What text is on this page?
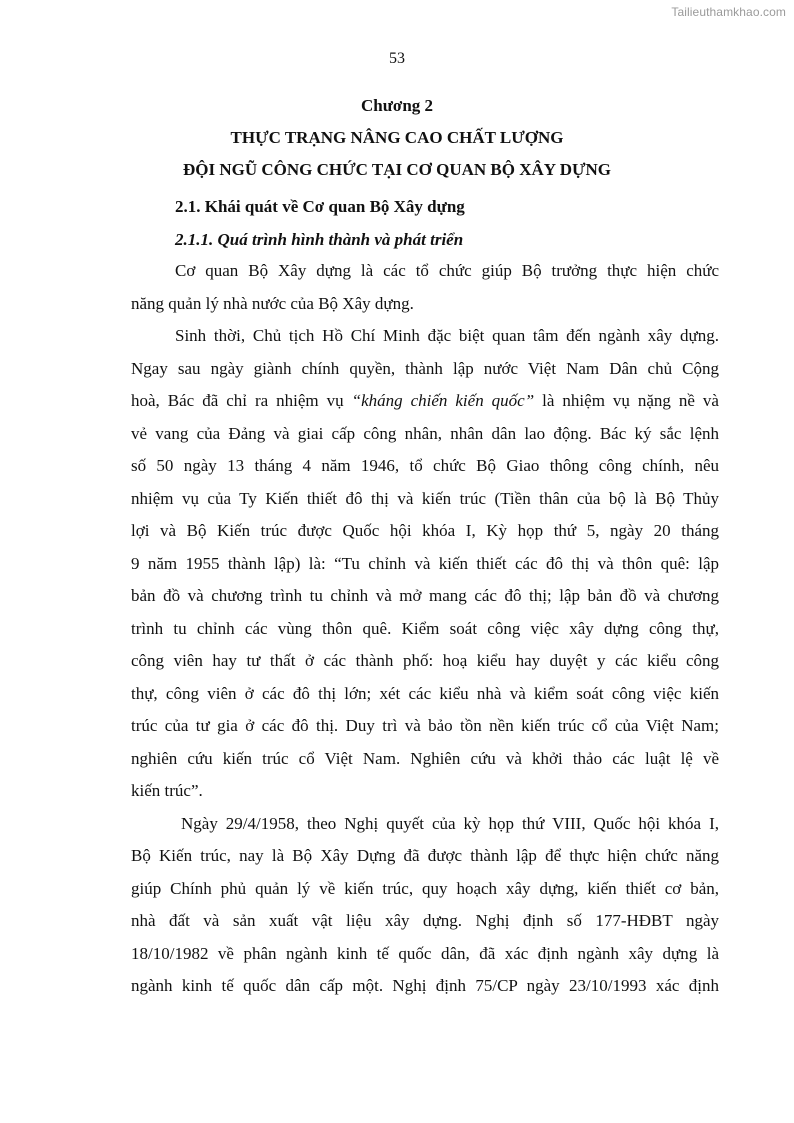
Tailieuthamkhao.com
53
Chương 2
THỰC TRẠNG NÂNG CAO CHẤT LƯỢNG
ĐỘI NGŨ CÔNG CHỨC TẠI CƠ QUAN BỘ XÂY DỰNG
2.1. Khái quát về Cơ quan Bộ Xây dựng
2.1.1. Quá trình hình thành và phát triển
Cơ quan Bộ Xây dựng là các tổ chức giúp Bộ trưởng thực hiện chức
năng quản lý nhà nước của Bộ Xây dựng.
Sinh thời, Chủ tịch Hồ Chí Minh đặc biệt quan tâm đến ngành xây dựng.
Ngay sau ngày giành chính quyền, thành lập nước Việt Nam Dân chủ Cộng
hoà, Bác đã chỉ ra nhiệm vụ “kháng chiến kiến quốc” là nhiệm vụ nặng nề và
vẻ vang của Đảng và giai cấp công nhân, nhân dân lao động. Bác ký sắc lệnh
số 50 ngày 13 tháng 4 năm 1946, tổ chức Bộ Giao thông công chính, nêu
nhiệm vụ của Ty Kiến thiết đô thị và kiến trúc (Tiền thân của bộ là Bộ Thủy
lợi và Bộ Kiến trúc được Quốc hội khóa I, Kỳ họp thứ 5, ngày 20 tháng
9 năm 1955 thành lập) là: “Tu chỉnh và kiến thiết các đô thị và thôn quê: lập
bản đồ và chương trình tu chỉnh và mở mang các đô thị; lập bản đồ và chương
trình tu chỉnh các vùng thôn quê. Kiểm soát công việc xây dựng công thự,
công viên hay tư thất ở các thành phố: hoạ kiểu hay duyệt y các kiểu công
thự, công viên ở các đô thị lớn; xét các kiểu nhà và kiểm soát công việc kiến
trúc của tư gia ở các đô thị. Duy trì và bảo tồn nền kiến trúc cổ của Việt Nam;
nghiên cứu kiến trúc cổ Việt Nam. Nghiên cứu và khởi thảo các luật lệ về
kiến trúc”.
Ngày 29/4/1958, theo Nghị quyết của kỳ họp thứ VIII, Quốc hội khóa I,
Bộ Kiến trúc, nay là Bộ Xây Dựng đã được thành lập để thực hiện chức năng
giúp Chính phủ quản lý về kiến trúc, quy hoạch xây dựng, kiến thiết cơ bản,
nhà đất và sản xuất vật liệu xây dựng. Nghị định số 177-HĐBT ngày
18/10/1982 về phân ngành kinh tế quốc dân, đã xác định ngành xây dựng là
ngành kinh tế quốc dân cấp một. Nghị định 75/CP ngày 23/10/1993 xác định
